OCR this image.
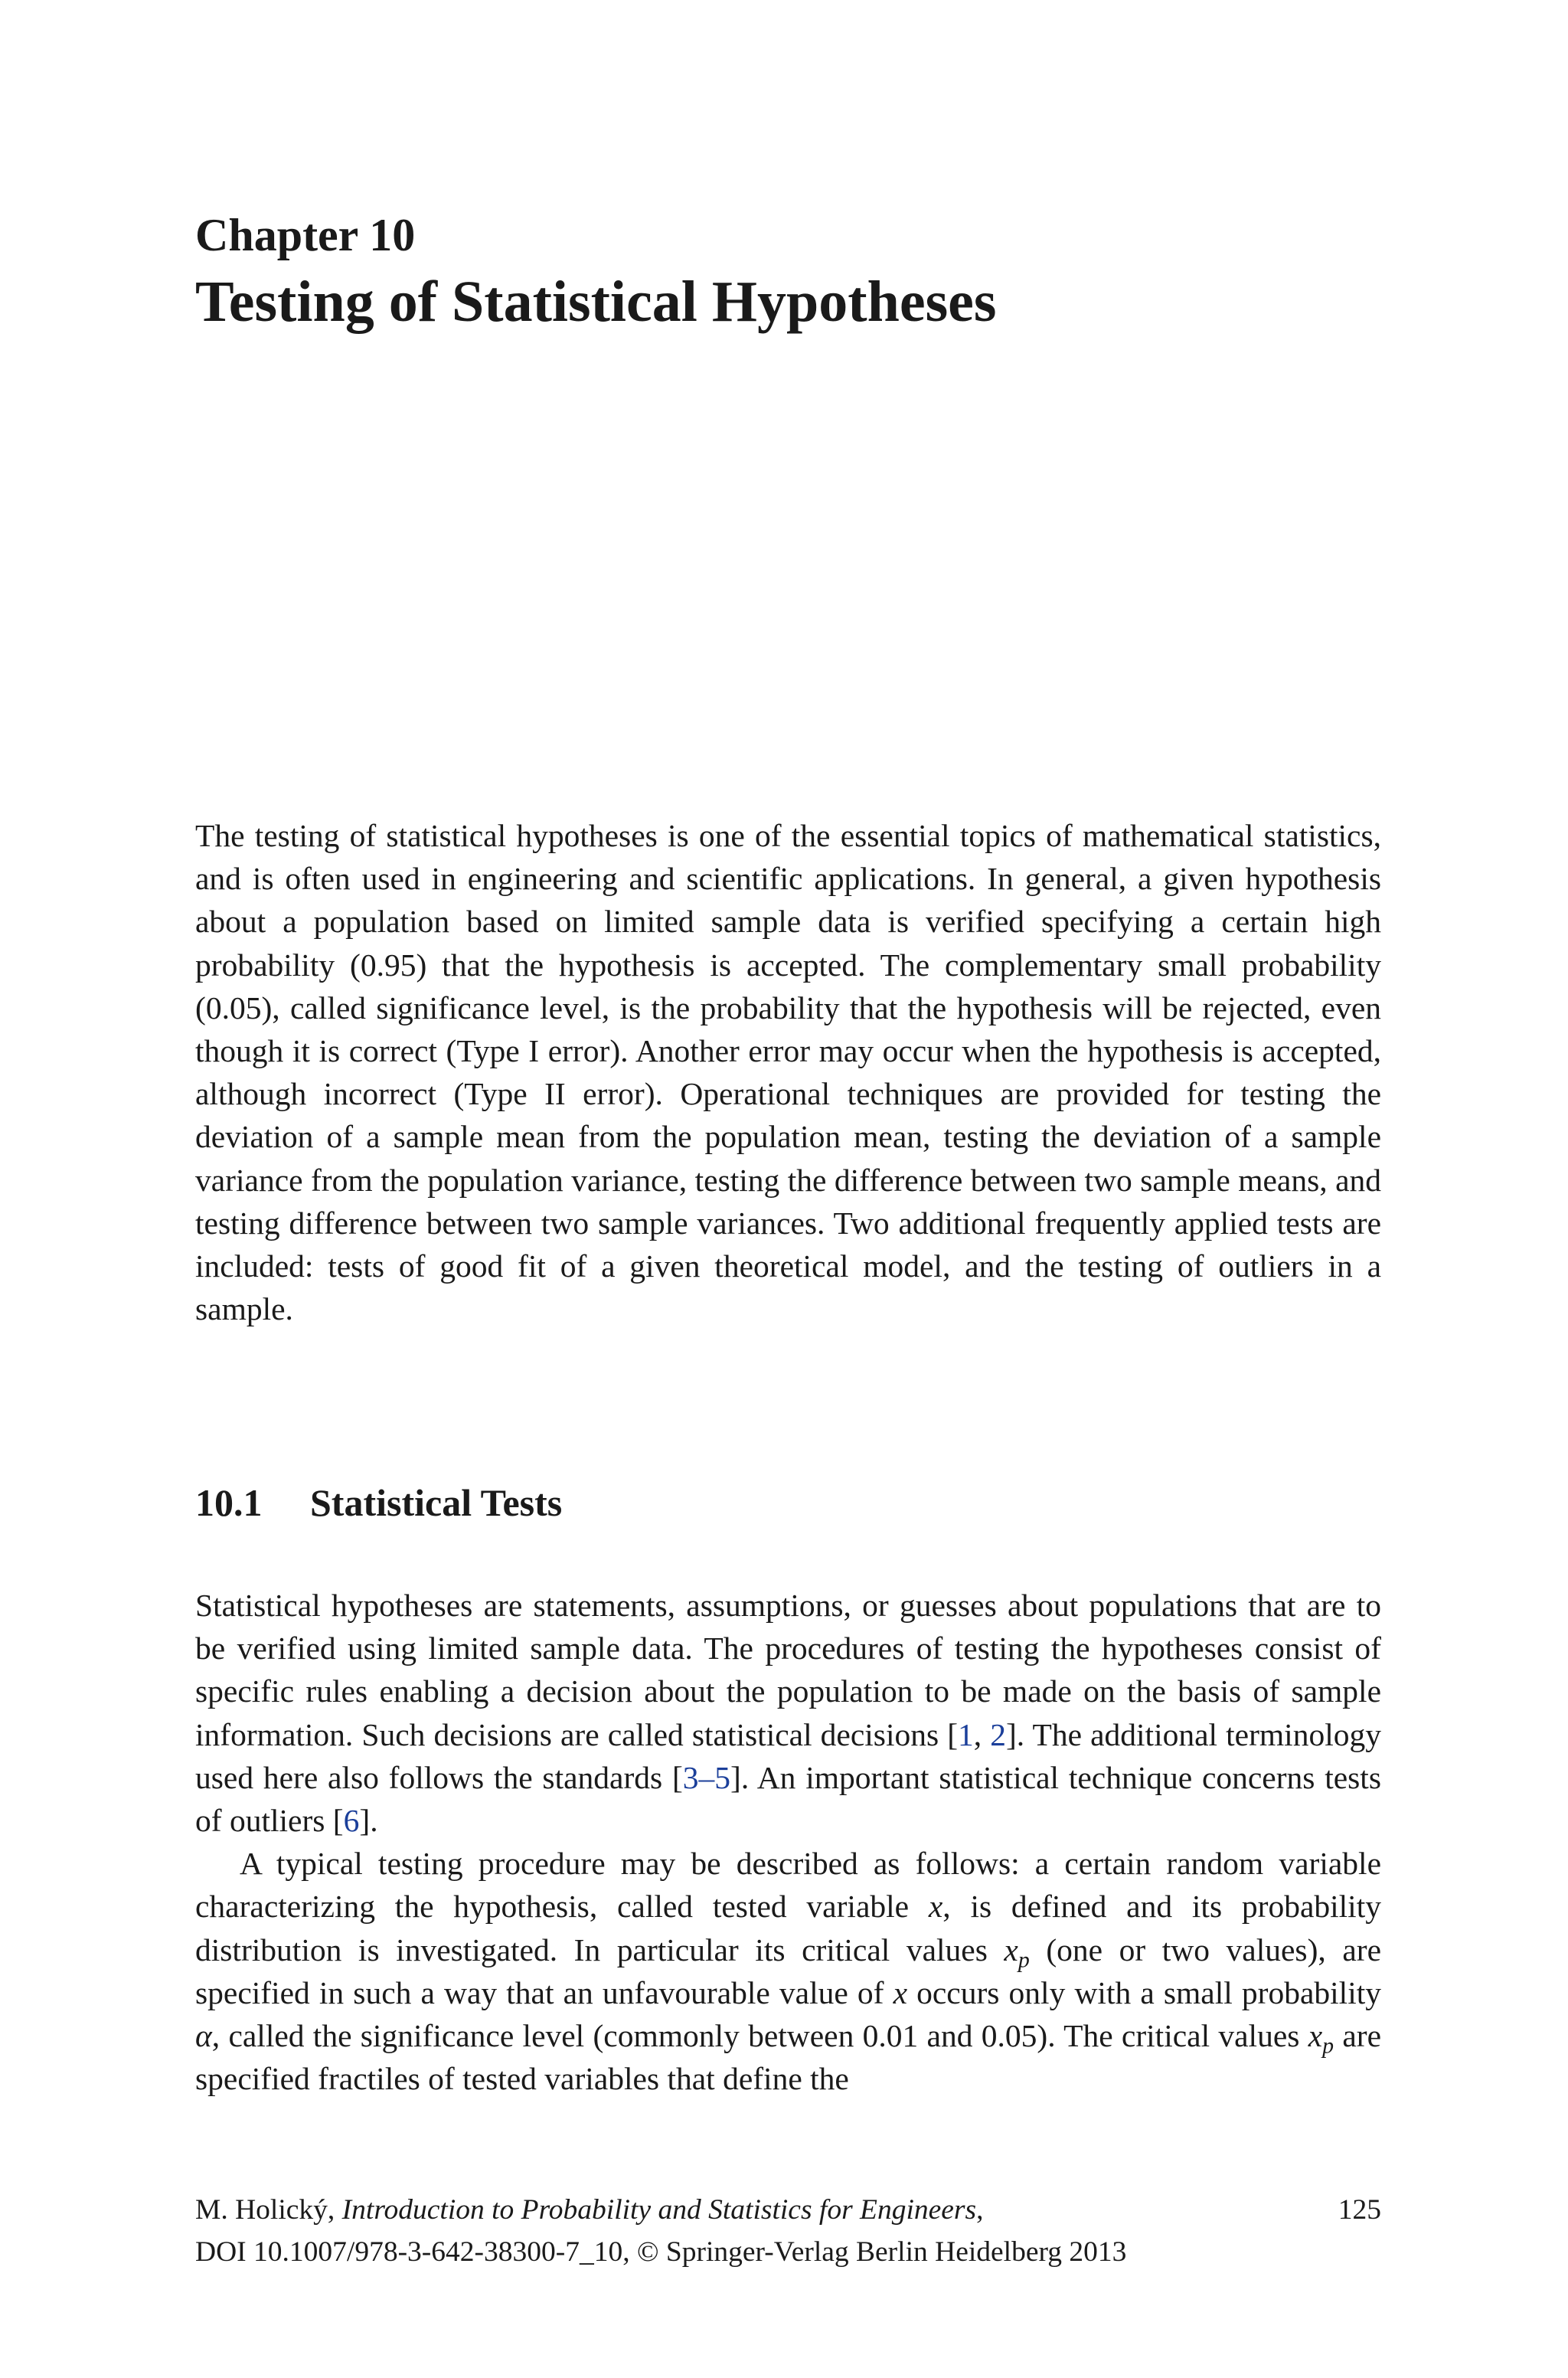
Chapter 10
Testing of Statistical Hypotheses

The testing of statistical hypotheses is one of the essential topics of mathematical statistics, and is often used in engineering and scientific applications. In general, a given hypothesis about a population based on limited sample data is verified specifying a certain high probability (0.95) that the hypothesis is accepted. The complementary small probability (0.05), called significance level, is the probability that the hypothesis will be rejected, even though it is correct (Type I error). Another error may occur when the hypothesis is accepted, although incorrect (Type II error). Operational techniques are provided for testing the deviation of a sample mean from the population mean, testing the deviation of a sample variance from the population variance, testing the difference between two sample means, and testing difference between two sample variances. Two additional frequently applied tests are included: tests of good fit of a given theoretical model, and the testing of outliers in a sample.

10.1 Statistical Tests

Statistical hypotheses are statements, assumptions, or guesses about populations that are to be verified using limited sample data. The procedures of testing the hypotheses consist of specific rules enabling a decision about the population to be made on the basis of sample information. Such decisions are called statistical decisions [1, 2]. The additional terminology used here also follows the standards [3–5]. An important statistical technique concerns tests of outliers [6].

A typical testing procedure may be described as follows: a certain random variable characterizing the hypothesis, called tested variable x, is defined and its probability distribution is investigated. In particular its critical values $x_p$ (one or two values), are specified in such a way that an unfavourable value of x occurs only with a small probability α, called the significance level (commonly between 0.01 and 0.05). The critical values $x_p$ are specified fractiles of tested variables that define the

M. Holický, Introduction to Probability and Statistics for Engineers,
DOI 10.1007/978-3-642-38300-7_10, © Springer-Verlag Berlin Heidelberg 2013
125
